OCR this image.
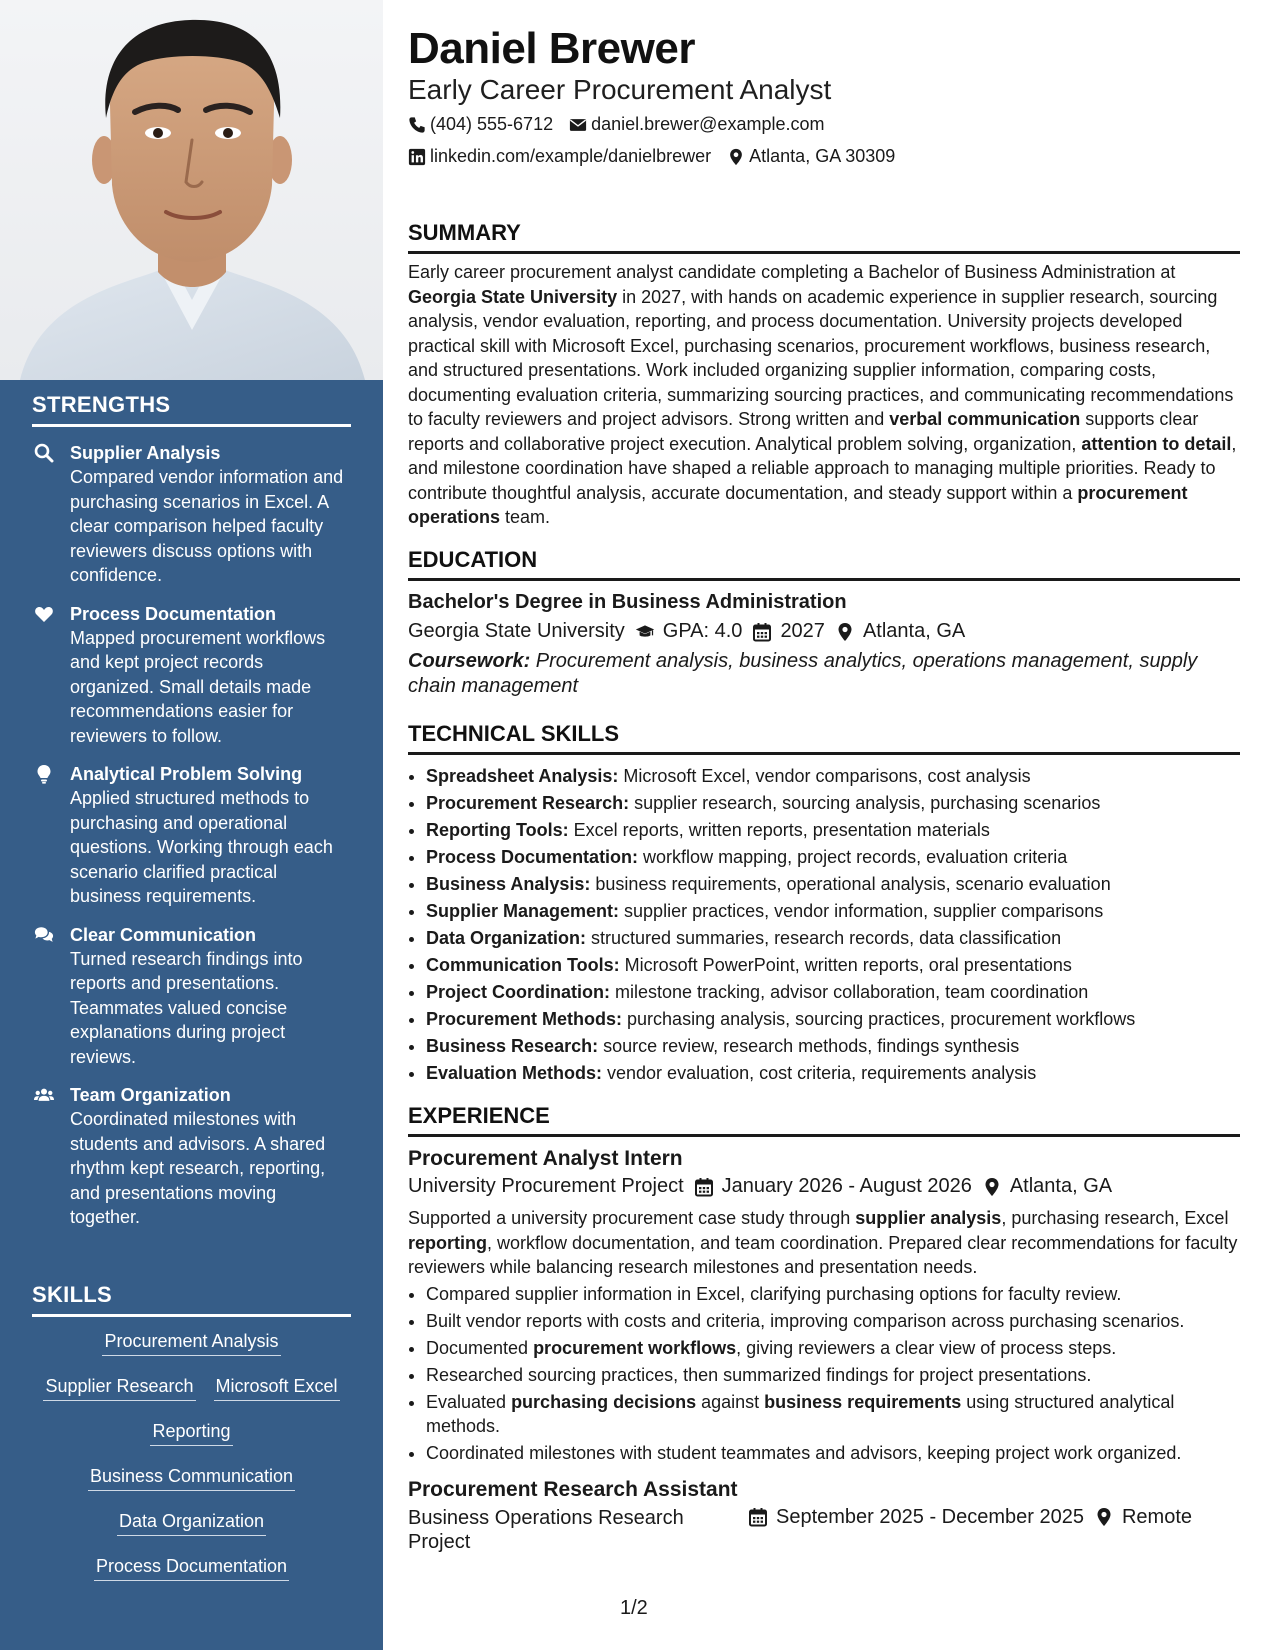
STRENGTHS
Supplier Analysis
Compared vendor information and purchasing scenarios in Excel. A clear comparison helped faculty reviewers discuss options with confidence.
Process Documentation
Mapped procurement workflows and kept project records organized. Small details made recommendations easier for reviewers to follow.
Analytical Problem Solving
Applied structured methods to purchasing and operational questions. Working through each scenario clarified practical business requirements.
Clear Communication
Turned research findings into reports and presentations. Teammates valued concise explanations during project reviews.
Team Organization
Coordinated milestones with students and advisors. A shared rhythm kept research, reporting, and presentations moving together.
SKILLS
Procurement Analysis
Supplier Research Microsoft Excel
Reporting
Business Communication
Data Organization
Process Documentation
Daniel Brewer
Early Career Procurement Analyst
(404) 555-6712 daniel.brewer@example.com
linkedin.com/example/danielbrewer Atlanta, GA 30309
SUMMARY

Early career procurement analyst candidate completing a Bachelor of Business Administration at Georgia State University in 2027, with hands on academic experience in supplier research, sourcing analysis, vendor evaluation, reporting, and process documentation. University projects developed practical skill with Microsoft Excel, purchasing scenarios, procurement workflows, business research, and structured presentations. Work included organizing supplier information, comparing costs, documenting evaluation criteria, summarizing sourcing practices, and communicating recommendations to faculty reviewers and project advisors. Strong written and verbal communication supports clear reports and collaborative project execution. Analytical problem solving, organization, attention to detail, and milestone coordination have shaped a reliable approach to managing multiple priorities. Ready to contribute thoughtful analysis, accurate documentation, and steady support within a procurement operations team.

EDUCATION
Bachelor's Degree in Business Administration
Georgia State University GPA: 4.0 2027 Atlanta, GA
Coursework: Procurement analysis, business analytics, operations management, supply chain management
TECHNICAL SKILLS
• Spreadsheet Analysis: Microsoft Excel, vendor comparisons, cost analysis
• Procurement Research: supplier research, sourcing analysis, purchasing scenarios
• Reporting Tools: Excel reports, written reports, presentation materials
• Process Documentation: workflow mapping, project records, evaluation criteria
• Business Analysis: business requirements, operational analysis, scenario evaluation
• Supplier Management: supplier practices, vendor information, supplier comparisons
• Data Organization: structured summaries, research records, data classification
• Communication Tools: Microsoft PowerPoint, written reports, oral presentations
• Project Coordination: milestone tracking, advisor collaboration, team coordination
• Procurement Methods: purchasing analysis, sourcing practices, procurement workflows
• Business Research: source review, research methods, findings synthesis
• Evaluation Methods: vendor evaluation, cost criteria, requirements analysis
EXPERIENCE
Procurement Analyst Intern
University Procurement Project January 2026 - August 2026 Atlanta, GA
Supported a university procurement case study through supplier analysis, purchasing research, Excel reporting, workflow documentation, and team coordination. Prepared clear recommendations for faculty reviewers while balancing research milestones and presentation needs.
• Compared supplier information in Excel, clarifying purchasing options for faculty review.
• Built vendor reports with costs and criteria, improving comparison across purchasing scenarios.
• Documented procurement workflows, giving reviewers a clear view of process steps.
• Researched sourcing practices, then summarized findings for project presentations.
• Evaluated purchasing decisions against business requirements using structured analytical methods.
• Coordinated milestones with student teammates and advisors, keeping project work organized.
Procurement Research Assistant
Business Operations Research Project
September 2025 - December 2025 Remote
1/2
